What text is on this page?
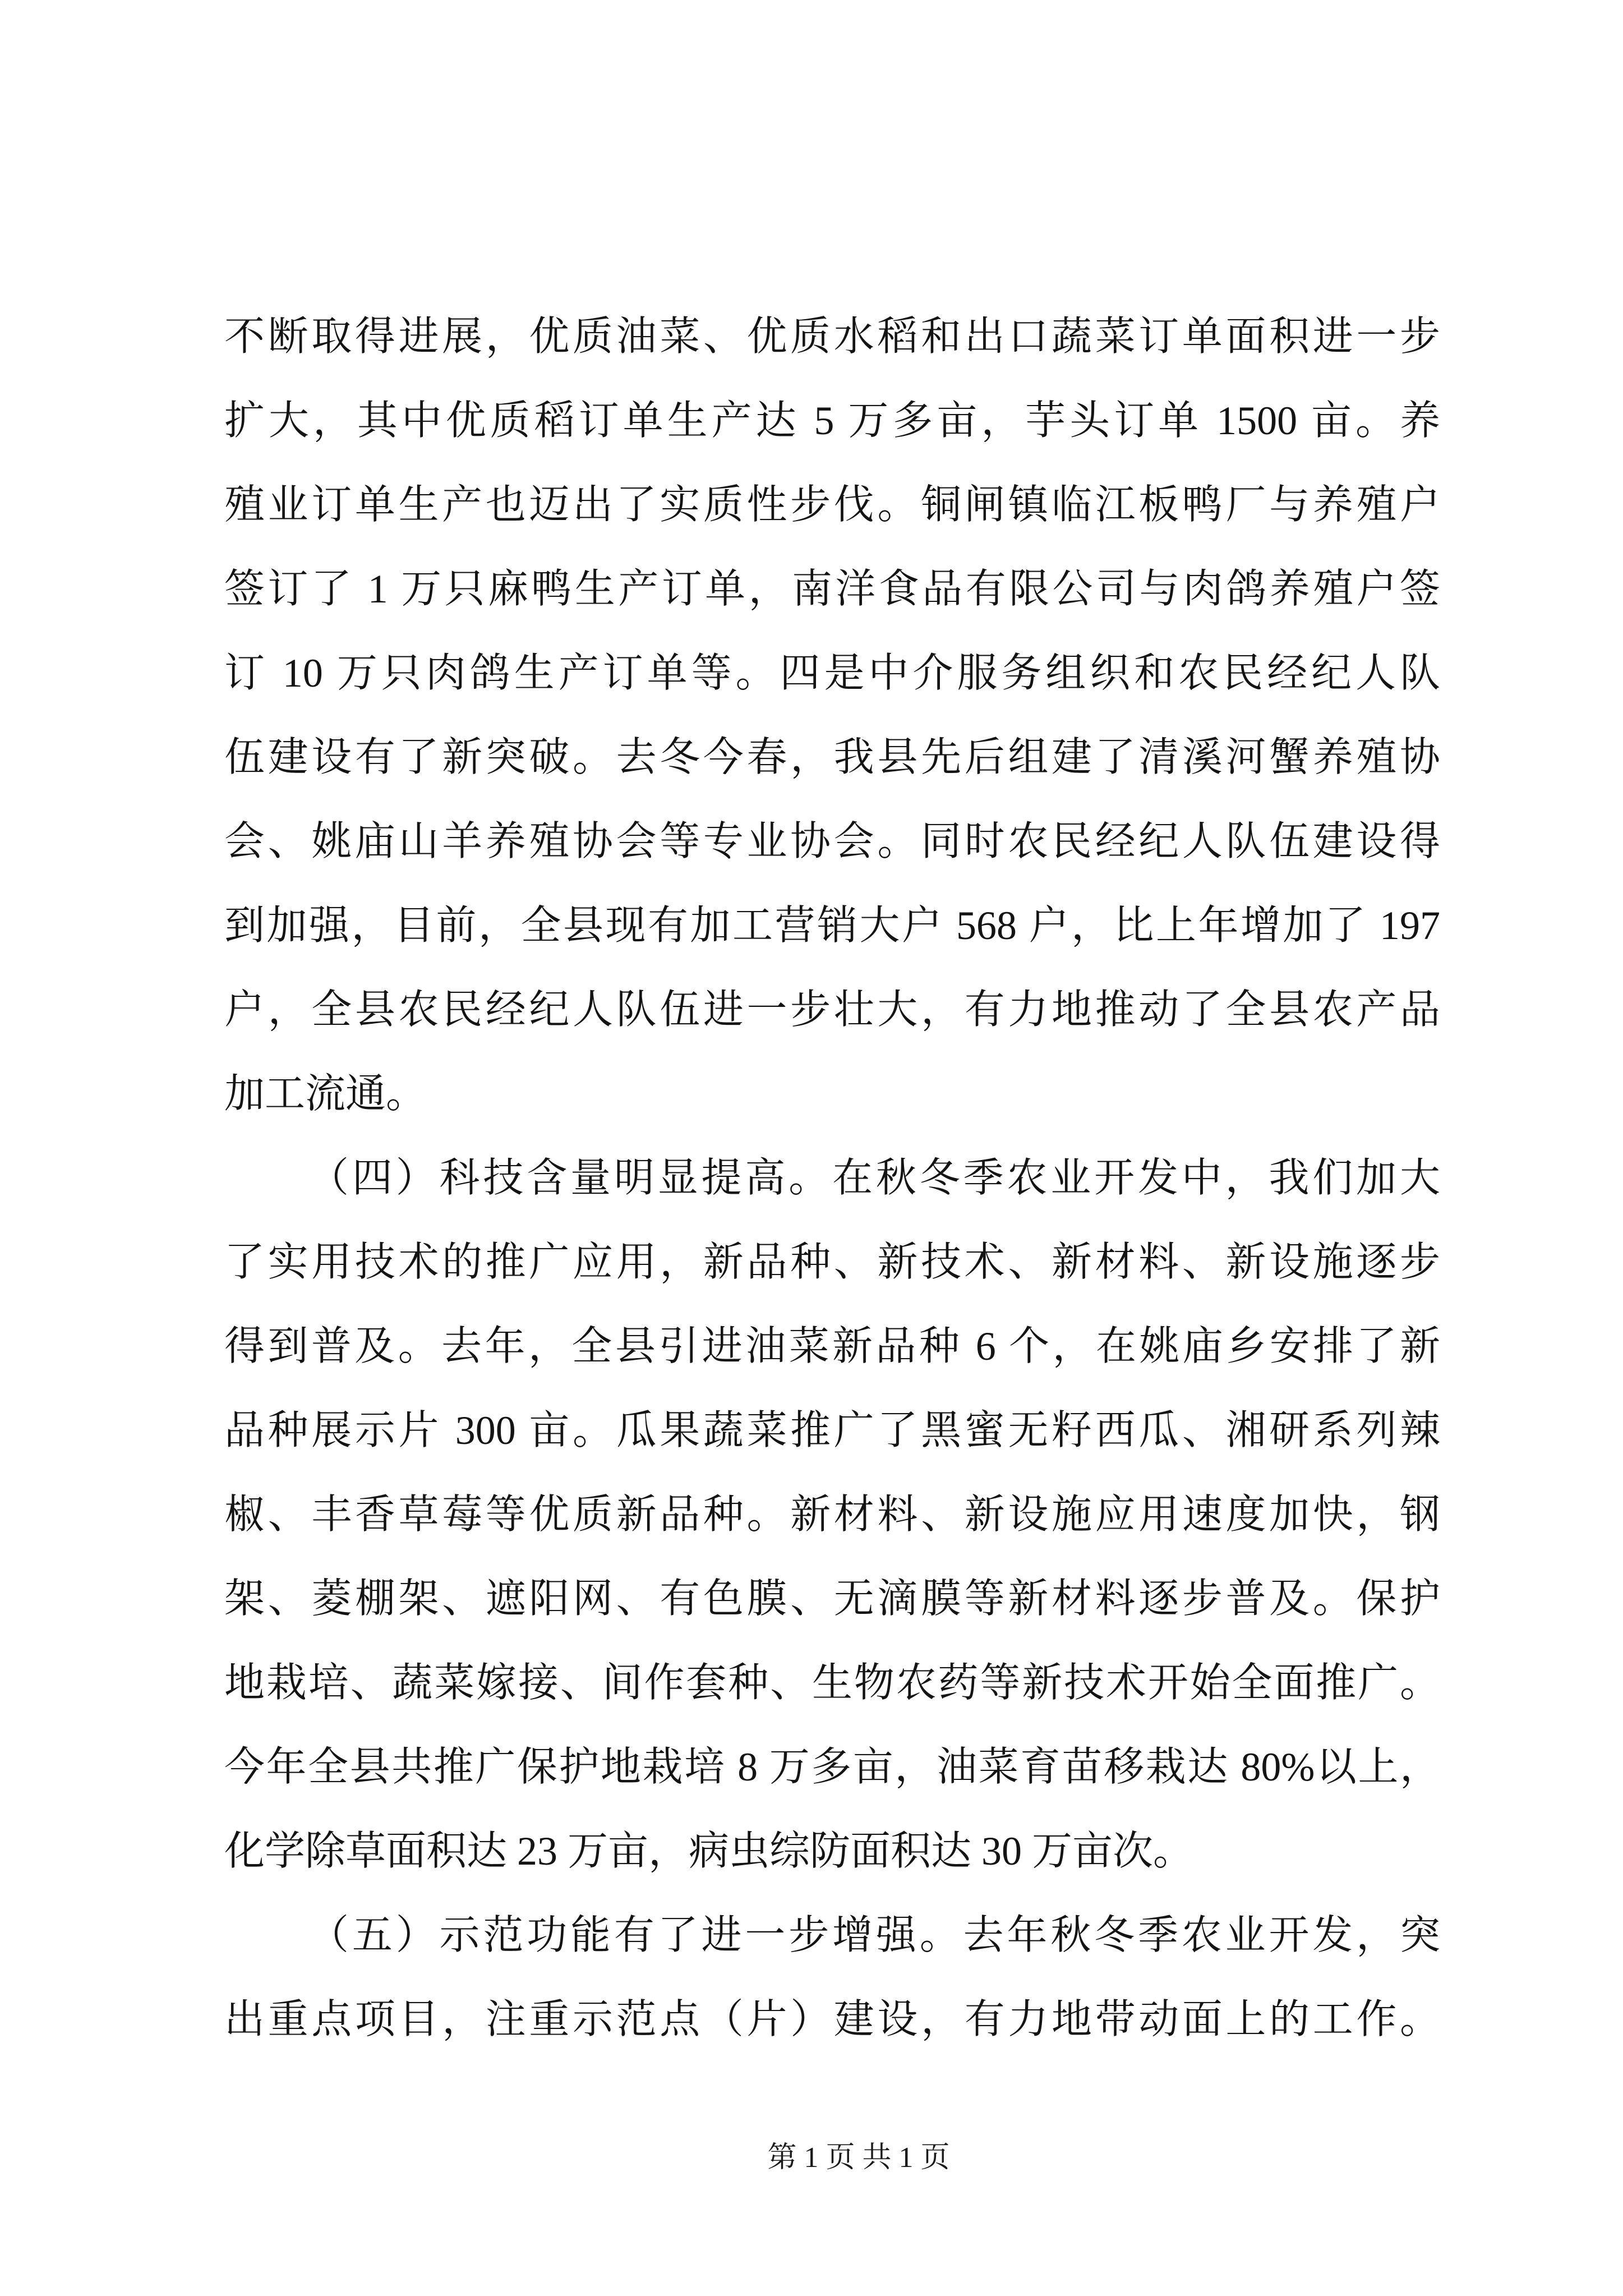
不断取得进展，优质油菜、优质水稻和出口蔬菜订单面积进一步
扩大，其中优质稻订单生产达 5 万多亩，芋头订单 1500 亩。养
殖业订单生产也迈出了实质性步伐。铜闸镇临江板鸭厂与养殖户
签订了 1 万只麻鸭生产订单，南洋食品有限公司与肉鸽养殖户签
订 10 万只肉鸽生产订单等。四是中介服务组织和农民经纪人队
伍建设有了新突破。去冬今春，我县先后组建了清溪河蟹养殖协
会、姚庙山羊养殖协会等专业协会。同时农民经纪人队伍建设得
到加强，目前，全县现有加工营销大户 568 户，比上年增加了 197
户，全县农民经纪人队伍进一步壮大，有力地推动了全县农产品
加工流通。
（四）科技含量明显提高。在秋冬季农业开发中，我们加大
了实用技术的推广应用，新品种、新技术、新材料、新设施逐步
得到普及。去年，全县引进油菜新品种 6 个，在姚庙乡安排了新
品种展示片 300 亩。瓜果蔬菜推广了黑蜜无籽西瓜、湘研系列辣
椒、丰香草莓等优质新品种。新材料、新设施应用速度加快，钢
架、菱棚架、遮阳网、有色膜、无滴膜等新材料逐步普及。保护
地栽培、蔬菜嫁接、间作套种、生物农药等新技术开始全面推广。
今年全县共推广保护地栽培 8 万多亩，油菜育苗移栽达 80%以上，
化学除草面积达 23 万亩，病虫综防面积达 30 万亩次。
（五）示范功能有了进一步增强。去年秋冬季农业开发，突
出重点项目，注重示范点（片）建设，有力地带动面上的工作。
第 1 页 共 1 页
